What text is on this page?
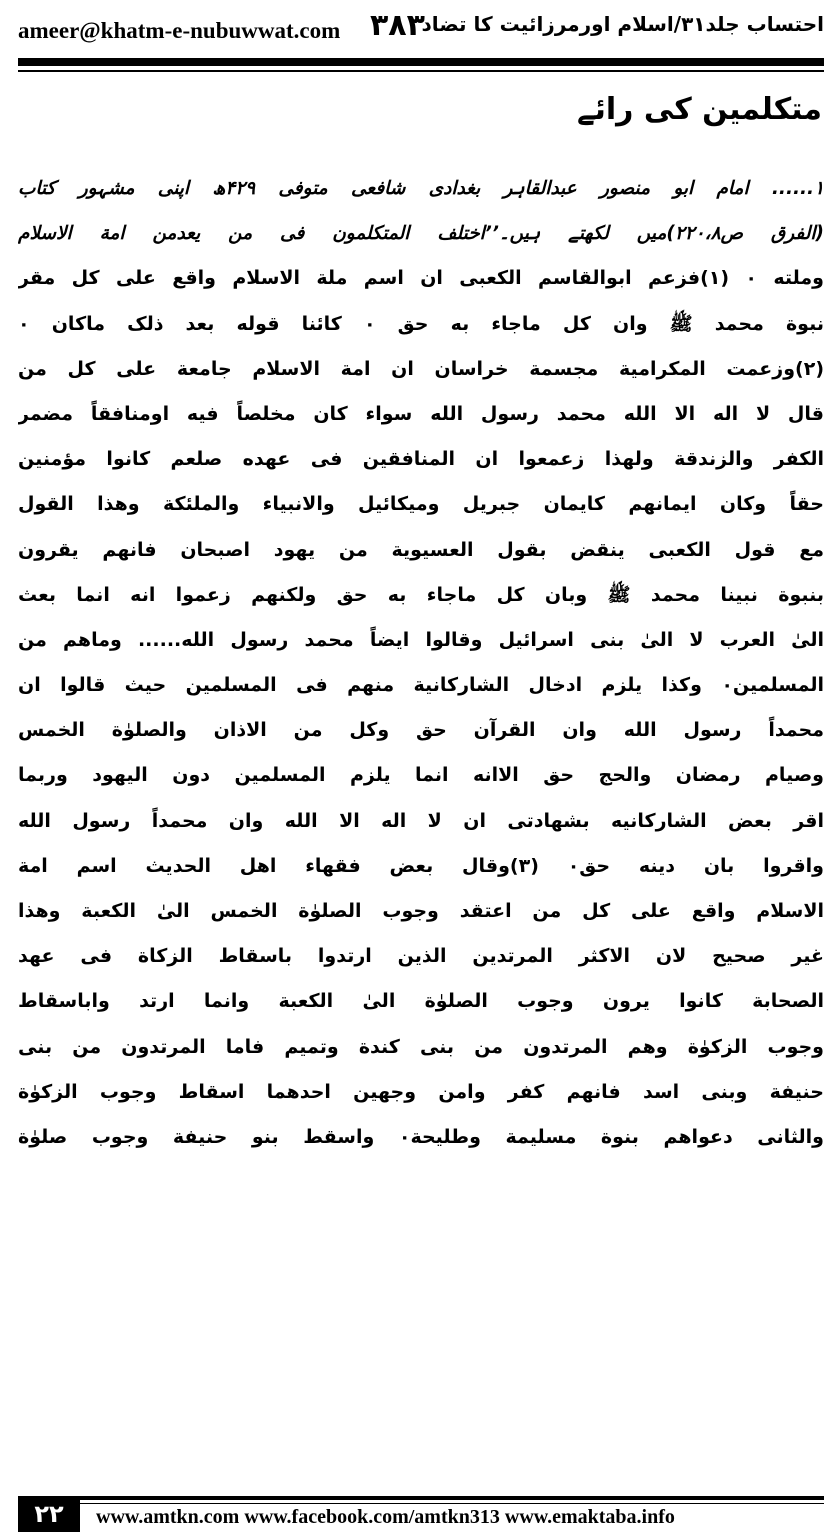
ameer@khatm-e-nubuwwat.com ۳۸۳
احتساب جلد۳۱/اسلام اورمرزائیت کا تضاد
متکلمین کی رائے
۱...... امام ابو منصور عبدالقاہر بغدادی شافعی متوفی ۴۲۹ھ اپنی مشہور کتاب
(الفرق ص۲۲۰،۸)میں لکھتے ہیں۔’’اختلف المتکلمون فی من یعدمن امة الاسلام
وملته ۰ (۱)فزعم ابوالقاسم الکعبی ان اسم ملة الاسلام واقع علی کل مقر
نبوة محمد ﷺ وان کل ماجاء به حق ۰ کائنا قوله بعد ذلک ماکان ۰
(۲)وزعمت المکرامیة مجسمة خراسان ان امة الاسلام جامعة علی کل من
قال لا اله الا الله محمد رسول الله سواء کان مخلصاً فیه اومنافقاً مضمر
الکفر والزندقة ولهذا زعمعوا ان المنافقین فی عهده صلعم کانوا مؤمنین
حقاً وکان ایمانهم کایمان جبریل ومیکائیل والانبیاء والملئکة وهذا القول
مع قول الکعبی ینقض بقول العسیویة من یهود اصبحان فانهم یقرون
بنبوة نبینا محمد ﷺ وبان کل ماجاء به حق ولکنهم زعموا انه انما بعث
الیٰ العرب لا الیٰ بنی اسرائیل وقالوا ایضاً محمد رسول الله...... وماهم من
المسلمین۰ وکذا یلزم ادخال الشارکانیة منهم فی المسلمین حیث قالوا ان
محمداً رسول الله وان القرآن حق وکل من الاذان والصلوٰة الخمس
وصیام رمضان والحج حق الاانه انما یلزم المسلمین دون الیهود وربما
اقر بعض الشارکانیه بشهادتی ان لا اله الا الله وان محمداً رسول الله
واقروا بان دینه حق۰ (۳)وقال بعض فقهاء اهل الحدیث اسم امة
الاسلام واقع علی کل من اعتقد وجوب الصلوٰة الخمس الیٰ الکعبة وهذا
غیر صحیح لان الاکثر المرتدین الذین ارتدوا باسقاط الزکاة فی عهد
الصحابة کانوا یرون وجوب الصلوٰة الیٰ الکعبة وانما ارتد واباسقاط
وجوب الزکوٰة وهم المرتدون من بنی کندة وتمیم فاما المرتدون من بنی
حنیفة وبنی اسد فانهم کفر وامن وجهین احدهما اسقاط وجوب الزکوٰة
والثانی دعواهم بنوة مسلیمة وطلیحة۰ واسقط بنو حنیفة وجوب صلوٰة
۲۲	www.amtkn.com www.facebook.com/amtkn313 www.emaktaba.info
